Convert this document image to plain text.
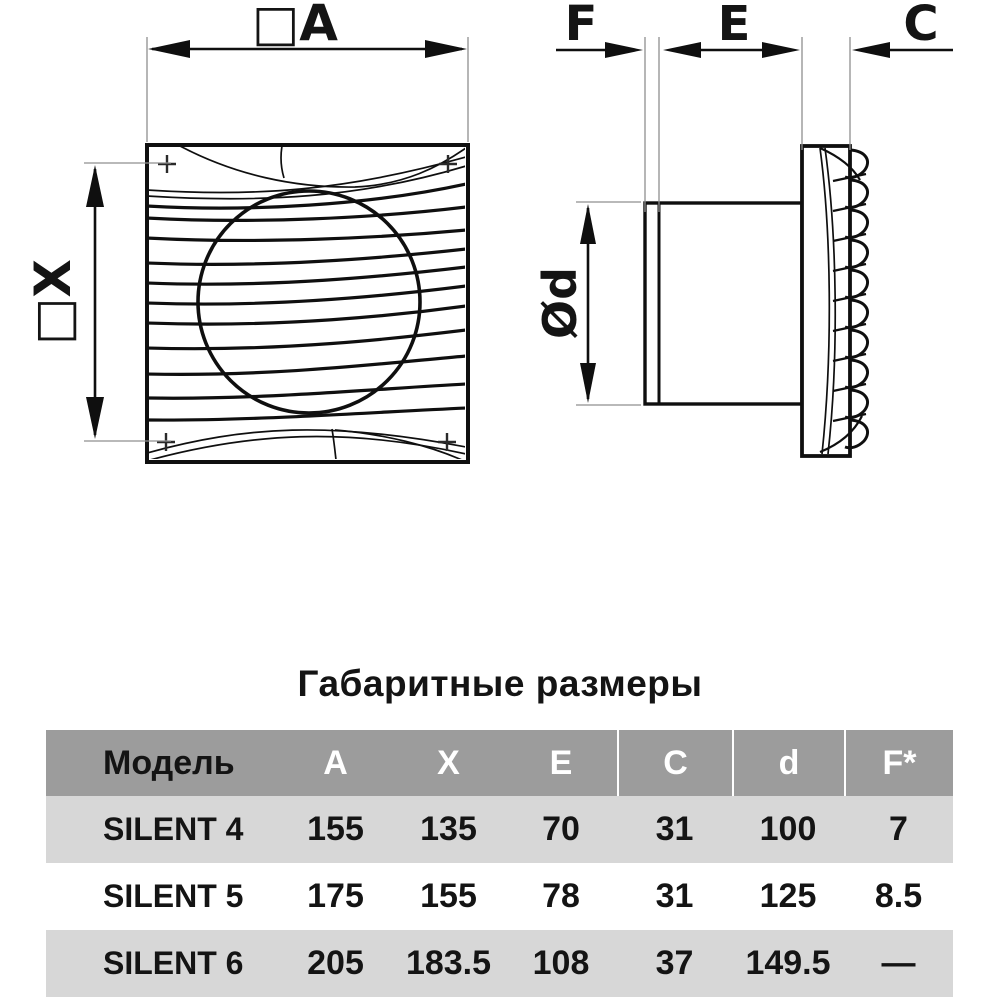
□A
□X
F	E	C
Ød
Габаритные размеры
Модель	A	X	E	C	d	F*
SILENT 4	155	135	70	31	100	7
SILENT 5	175	155	78	31	125	8.5
SILENT 6	205	183.5	108	37	149.5	—
